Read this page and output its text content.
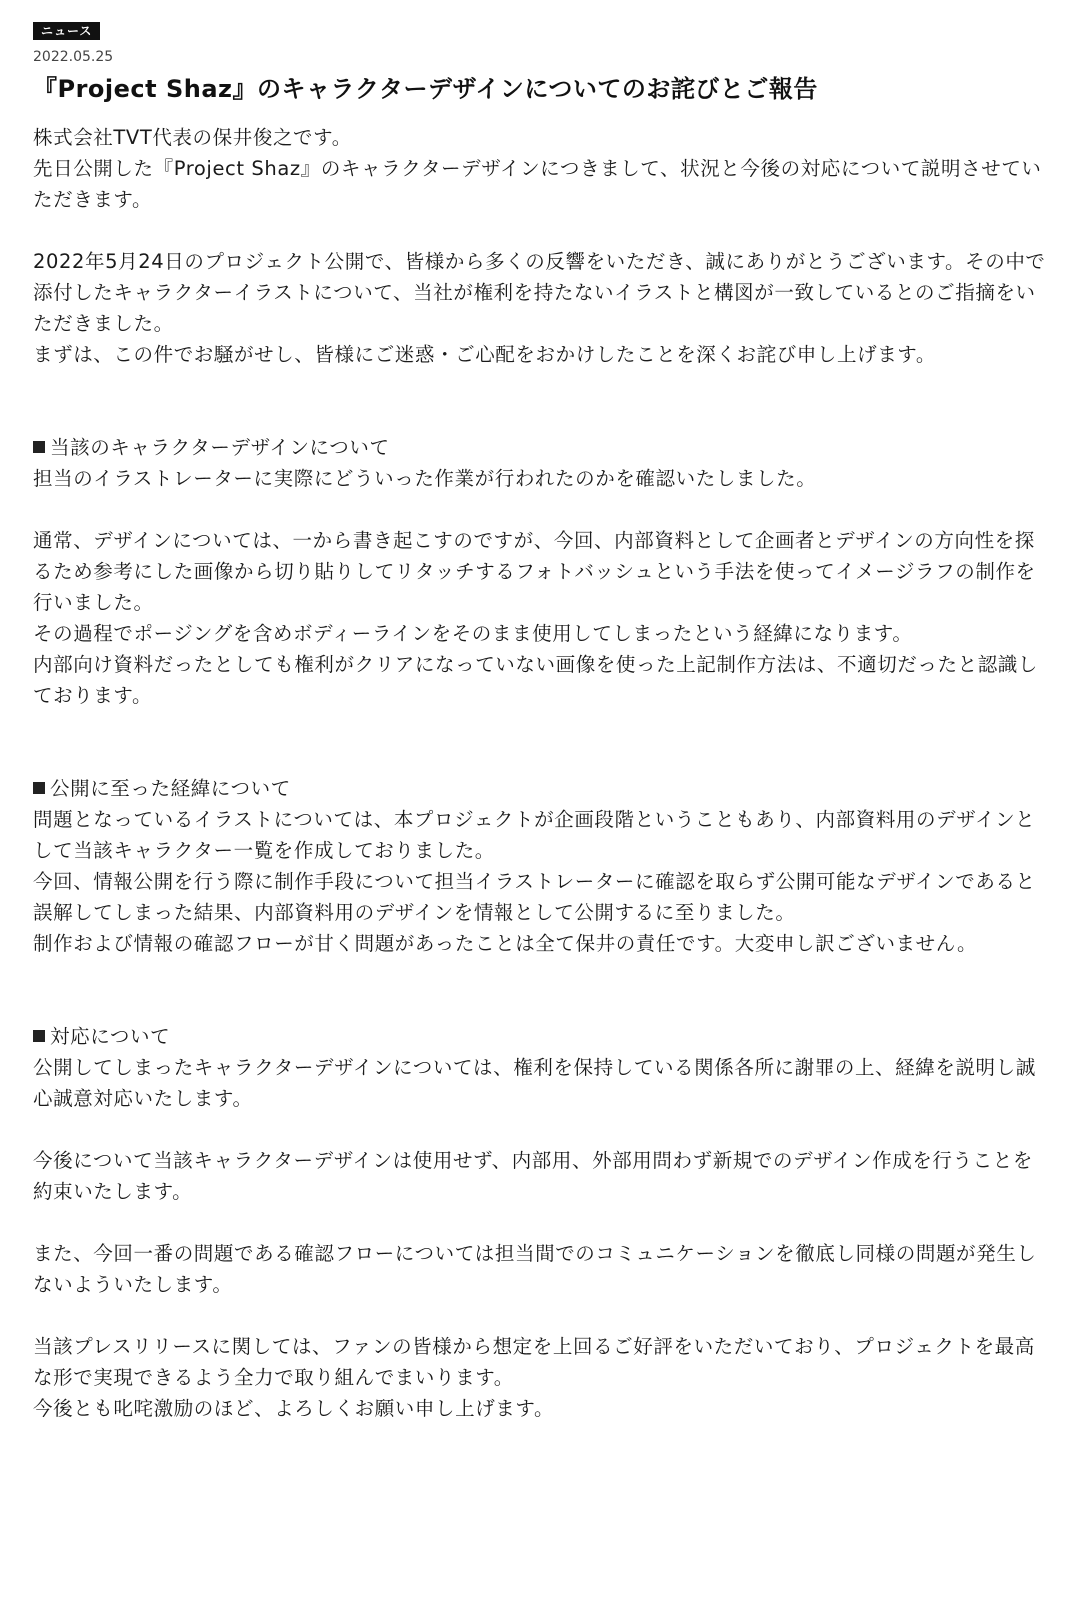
ニュース
2022.05.25
『Project Shaz』のキャラクターデザインについてのお詫びとご報告

株式会社TVT代表の保井俊之です。

先日公開した『Project Shaz』のキャラクターデザインにつきまして、状況と今後の対応について説明させていただきます。

2022年5月24日のプロジェクト公開で、皆様から多くの反響をいただき、誠にありがとうございます。その中で添付したキャラクターイラストについて、当社が権利を持たないイラストと構図が一致しているとのご指摘をいただきました。

まずは、この件でお騒がせし、皆様にご迷惑・ご心配をおかけしたことを深くお詫び申し上げます。

当該のキャラクターデザインについて

担当のイラストレーターに実際にどういった作業が行われたのかを確認いたしました。

通常、デザインについては、一から書き起こすのですが、今回、内部資料として企画者とデザインの方向性を探るため参考にした画像から切り貼りしてリタッチするフォトバッシュという手法を使ってイメージラフの制作を行いました。

その過程でポージングを含めボディーラインをそのまま使用してしまったという経緯になります。

内部向け資料だったとしても権利がクリアになっていない画像を使った上記制作方法は、不適切だったと認識しております。

公開に至った経緯について

問題となっているイラストについては、本プロジェクトが企画段階ということもあり、内部資料用のデザインとして当該キャラクター一覧を作成しておりました。

今回、情報公開を行う際に制作手段について担当イラストレーターに確認を取らず公開可能なデザインであると誤解してしまった結果、内部資料用のデザインを情報として公開するに至りました。

制作および情報の確認フローが甘く問題があったことは全て保井の責任です。大変申し訳ございません。

対応について

公開してしまったキャラクターデザインについては、権利を保持している関係各所に謝罪の上、経緯を説明し誠心誠意対応いたします。

今後について当該キャラクターデザインは使用せず、内部用、外部用問わず新規でのデザイン作成を行うことを約束いたします。

また、今回一番の問題である確認フローについては担当間でのコミュニケーションを徹底し同様の問題が発生しないよういたします。

当該プレスリリースに関しては、ファンの皆様から想定を上回るご好評をいただいており、プロジェクトを最高な形で実現できるよう全力で取り組んでまいります。

今後とも叱咤激励のほど、よろしくお願い申し上げます。
